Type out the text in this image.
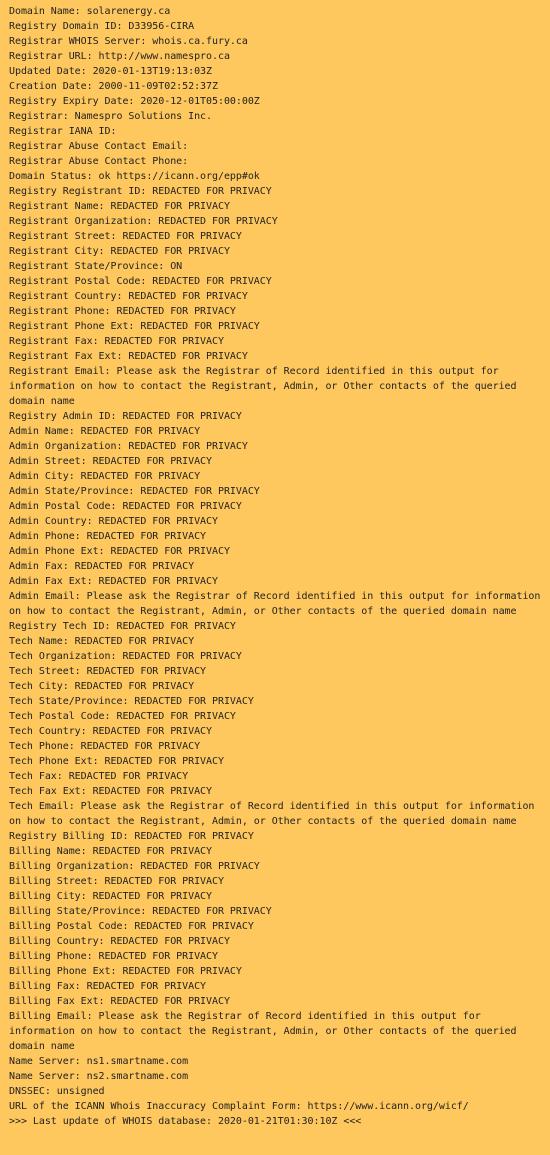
Domain Name: solarenergy.ca
Registry Domain ID: D33956-CIRA
Registrar WHOIS Server: whois.ca.fury.ca
Registrar URL: http://www.namespro.ca
Updated Date: 2020-01-13T19:13:03Z
Creation Date: 2000-11-09T02:52:37Z
Registry Expiry Date: 2020-12-01T05:00:00Z
Registrar: Namespro Solutions Inc.
Registrar IANA ID:
Registrar Abuse Contact Email:
Registrar Abuse Contact Phone:
Domain Status: ok https://icann.org/epp#ok
Registry Registrant ID: REDACTED FOR PRIVACY
Registrant Name: REDACTED FOR PRIVACY
Registrant Organization: REDACTED FOR PRIVACY
Registrant Street: REDACTED FOR PRIVACY
Registrant City: REDACTED FOR PRIVACY
Registrant State/Province: ON
Registrant Postal Code: REDACTED FOR PRIVACY
Registrant Country: REDACTED FOR PRIVACY
Registrant Phone: REDACTED FOR PRIVACY
Registrant Phone Ext: REDACTED FOR PRIVACY
Registrant Fax: REDACTED FOR PRIVACY
Registrant Fax Ext: REDACTED FOR PRIVACY
Registrant Email: Please ask the Registrar of Record identified in this output for
information on how to contact the Registrant, Admin, or Other contacts of the queried
domain name
Registry Admin ID: REDACTED FOR PRIVACY
Admin Name: REDACTED FOR PRIVACY
Admin Organization: REDACTED FOR PRIVACY
Admin Street: REDACTED FOR PRIVACY
Admin City: REDACTED FOR PRIVACY
Admin State/Province: REDACTED FOR PRIVACY
Admin Postal Code: REDACTED FOR PRIVACY
Admin Country: REDACTED FOR PRIVACY
Admin Phone: REDACTED FOR PRIVACY
Admin Phone Ext: REDACTED FOR PRIVACY
Admin Fax: REDACTED FOR PRIVACY
Admin Fax Ext: REDACTED FOR PRIVACY
Admin Email: Please ask the Registrar of Record identified in this output for information
on how to contact the Registrant, Admin, or Other contacts of the queried domain name
Registry Tech ID: REDACTED FOR PRIVACY
Tech Name: REDACTED FOR PRIVACY
Tech Organization: REDACTED FOR PRIVACY
Tech Street: REDACTED FOR PRIVACY
Tech City: REDACTED FOR PRIVACY
Tech State/Province: REDACTED FOR PRIVACY
Tech Postal Code: REDACTED FOR PRIVACY
Tech Country: REDACTED FOR PRIVACY
Tech Phone: REDACTED FOR PRIVACY
Tech Phone Ext: REDACTED FOR PRIVACY
Tech Fax: REDACTED FOR PRIVACY
Tech Fax Ext: REDACTED FOR PRIVACY
Tech Email: Please ask the Registrar of Record identified in this output for information
on how to contact the Registrant, Admin, or Other contacts of the queried domain name
Registry Billing ID: REDACTED FOR PRIVACY
Billing Name: REDACTED FOR PRIVACY
Billing Organization: REDACTED FOR PRIVACY
Billing Street: REDACTED FOR PRIVACY
Billing City: REDACTED FOR PRIVACY
Billing State/Province: REDACTED FOR PRIVACY
Billing Postal Code: REDACTED FOR PRIVACY
Billing Country: REDACTED FOR PRIVACY
Billing Phone: REDACTED FOR PRIVACY
Billing Phone Ext: REDACTED FOR PRIVACY
Billing Fax: REDACTED FOR PRIVACY
Billing Fax Ext: REDACTED FOR PRIVACY
Billing Email: Please ask the Registrar of Record identified in this output for
information on how to contact the Registrant, Admin, or Other contacts of the queried
domain name
Name Server: ns1.smartname.com
Name Server: ns2.smartname.com
DNSSEC: unsigned
URL of the ICANN Whois Inaccuracy Complaint Form: https://www.icann.org/wicf/
>>> Last update of WHOIS database: 2020-01-21T01:30:10Z <<<
